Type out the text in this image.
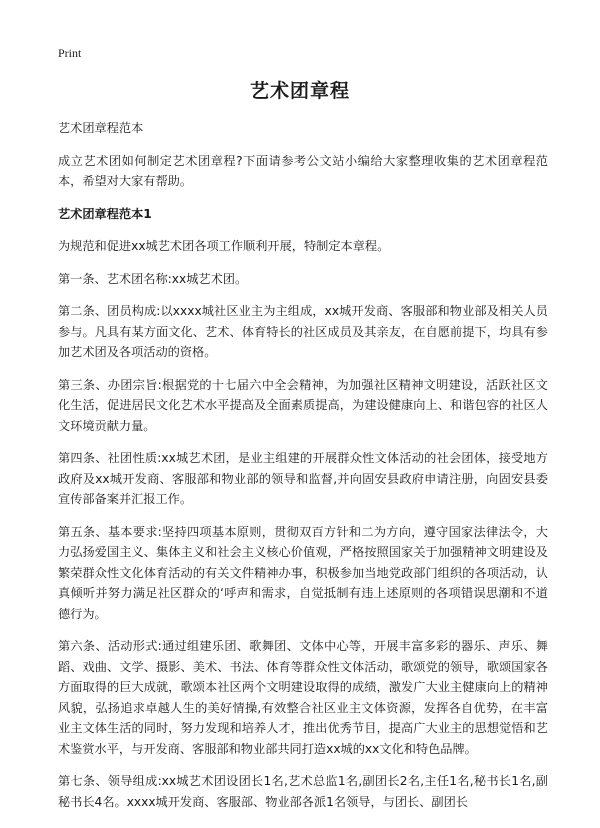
Print
艺术团章程

艺术团章程范本

成立艺术团如何制定艺术团章程?下面请参考公文站小编给大家整理收集的艺术团章程范本，希望对大家有帮助。

艺术团章程范本1

为规范和促进xx城艺术团各项工作顺利开展，特制定本章程。

第一条、艺术团名称:xx城艺术团。

第二条、团员构成:以xxxx城社区业主为主组成，xx城开发商、客服部和物业部及相关人员参与。凡具有某方面文化、艺术、体育特长的社区成员及其亲友，在自愿前提下，均具有参加艺术团及各项活动的资格。

第三条、办团宗旨:根据党的十七届六中全会精神，为加强社区精神文明建设，活跃社区文化生活，促进居民文化艺术水平提高及全面素质提高，为建设健康向上、和谐包容的社区人文环境贡献力量。

第四条、社团性质:xx城艺术团，是业主组建的开展群众性文体活动的社会团体，接受地方政府及xx城开发商、客服部和物业部的领导和监督,并向固安县政府申请注册，向固安县委宣传部备案并汇报工作。

第五条、基本要求:坚持四项基本原则，贯彻双百方针和二为方向，遵守国家法律法令，大力弘扬爱国主义、集体主义和社会主义核心价值观，严格按照国家关于加强精神文明建设及繁荣群众性文化体育活动的有关文件精神办事，积极参加当地党政部门组织的各项活动，认真倾听并努力满足社区群众的‘呼声和需求，自觉抵制有违上述原则的各项错误思潮和不道德行为。

第六条、活动形式:通过组建乐团、歌舞团、文体中心等，开展丰富多彩的器乐、声乐、舞蹈、戏曲、文学、摄影、美术、书法、体育等群众性文体活动，歌颂党的领导，歌颂国家各方面取得的巨大成就，歌颂本社区两个文明建设取得的成绩，激发广大业主健康向上的精神风貌，弘扬追求卓越人生的美好情操,有效整合社区业主文体资源，发挥各自优势，在丰富业主文体生活的同时，努力发现和培养人才，推出优秀节目，提高广大业主的思想觉悟和艺术鉴赏水平，与开发商、客服部和物业部共同打造xx城的xx文化和特色品牌。

第七条、领导组成:xx城艺术团设团长1名,艺术总监1名,副团长2名,主任1名,秘书长1名,副秘书长4名。xxxx城开发商、客服部、物业部各派1名领导，与团长、副团长
